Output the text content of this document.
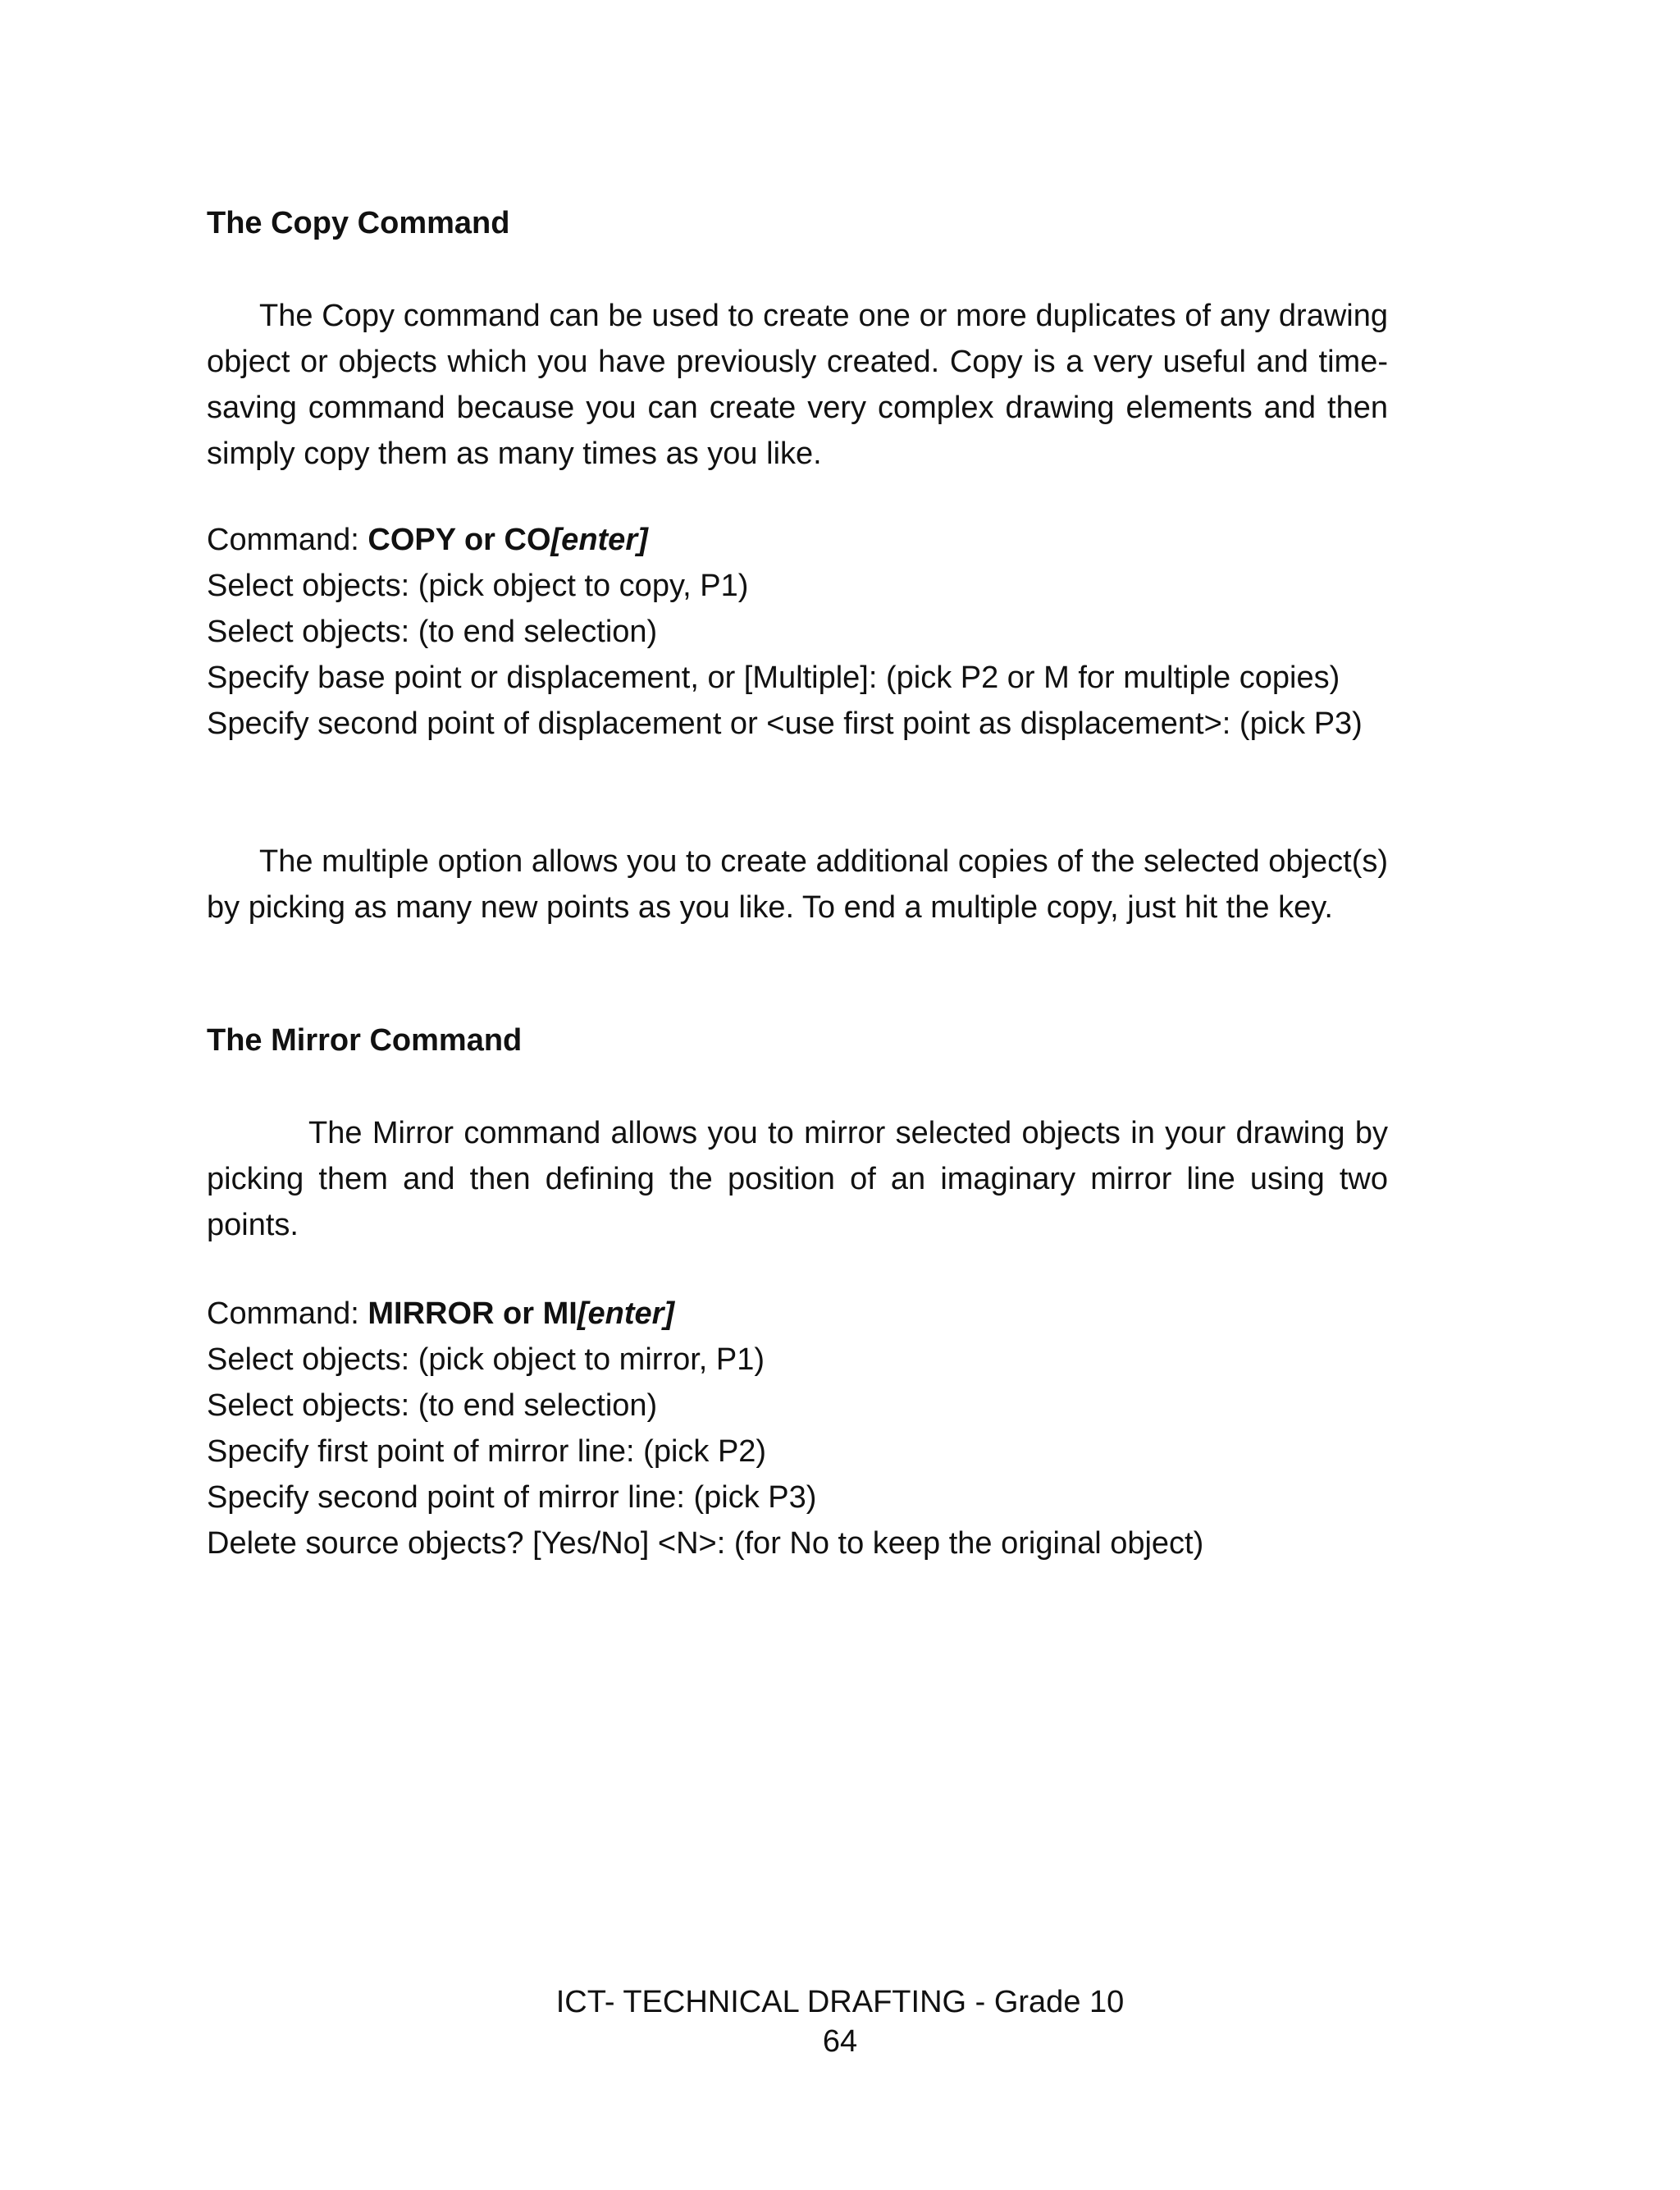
The Copy Command
The Copy command can be used to create one or more duplicates of any drawing object or objects which you have previously created. Copy is a very useful and time-saving command because you can create very complex drawing elements and then simply copy them as many times as you like.
Command: COPY or CO[enter]
Select objects: (pick object to copy, P1)
Select objects: (to end selection)
Specify base point or displacement, or [Multiple]: (pick P2 or M for multiple copies)
Specify second point of displacement or <use first point as displacement>: (pick P3)
The multiple option allows you to create additional copies of the selected object(s) by picking as many new points as you like. To end a multiple copy, just hit the key.
The Mirror Command
The Mirror command allows you to mirror selected objects in your drawing by picking them and then defining the position of an imaginary mirror line using two points.
Command: MIRROR or MI[enter]
Select objects: (pick object to mirror, P1)
Select objects: (to end selection)
Specify first point of mirror line: (pick P2)
Specify second point of mirror line: (pick P3)
Delete source objects? [Yes/No] <N>: (for No to keep the original object)
ICT- TECHNICAL DRAFTING - Grade 10
64
